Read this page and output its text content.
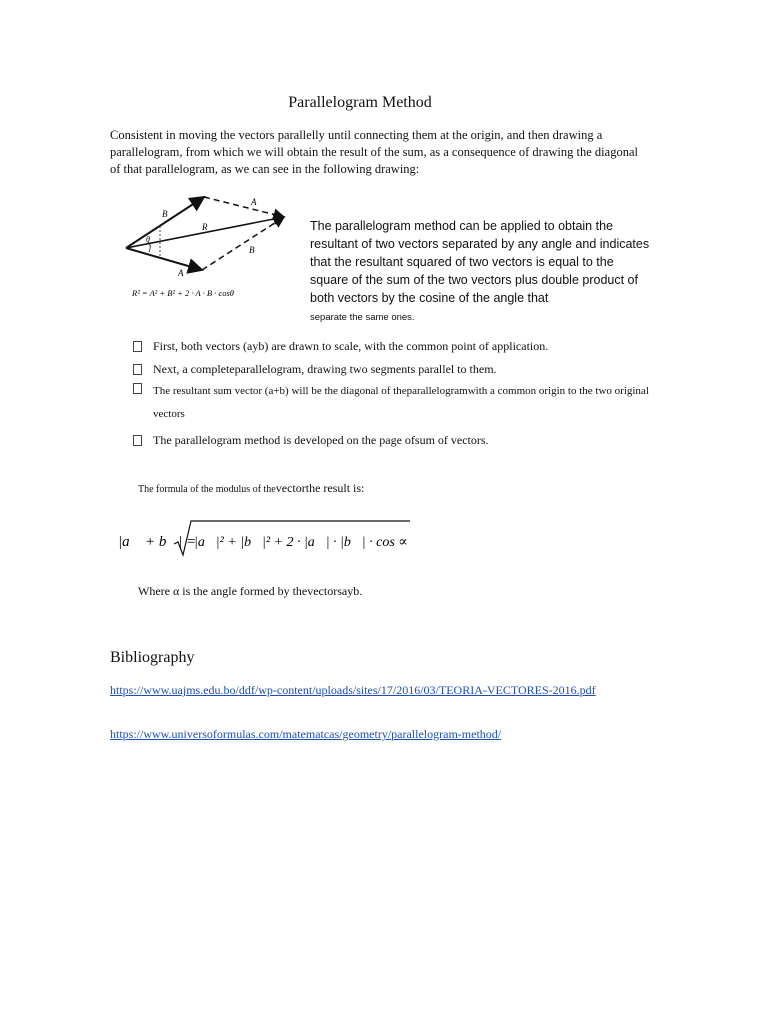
Parallelogram Method
Consistent in moving the vectors parallelly until connecting them at the origin, and then drawing a parallelogram, from which we will obtain the result of the sum, as a consequence of drawing the diagonal of that parallelogram, as we can see in the following drawing:
B
A
R
θ
B
A
R² = A² + B² + 2 · A · B · cosθ
The parallelogram method can be applied to obtain the resultant of two vectors separated by any angle and indicates that the resultant squared of two vectors is equal to the square of the sum of the two vectors plus double product of both vectors by the cosine of the angle that
separate the same ones.
First, both vectors (ayb) are drawn to scale, with the common point of application.
Next, a completeparallelogram, drawing two segments parallel to them.
The resultant sum vector (a+b) will be the diagonal of theparallelogramwith a common origin to the two original vectors
The parallelogram method is developed on the page ofsum of vectors.
The formula of the modulus of thevectorthe result is:
|a⃗ + b⃗| =
|a⃗|² + |b⃗|² + 2 · |a⃗| · |b⃗| · cos ∝
Where α is the angle formed by thevectorsayb.
Bibliography
https://www.uajms.edu.bo/ddf/wp-content/uploads/sites/17/2016/03/TEORIA-VECTORES-2016.pdf
https://www.universoformulas.com/matematcas/geometry/parallelogram-method/
